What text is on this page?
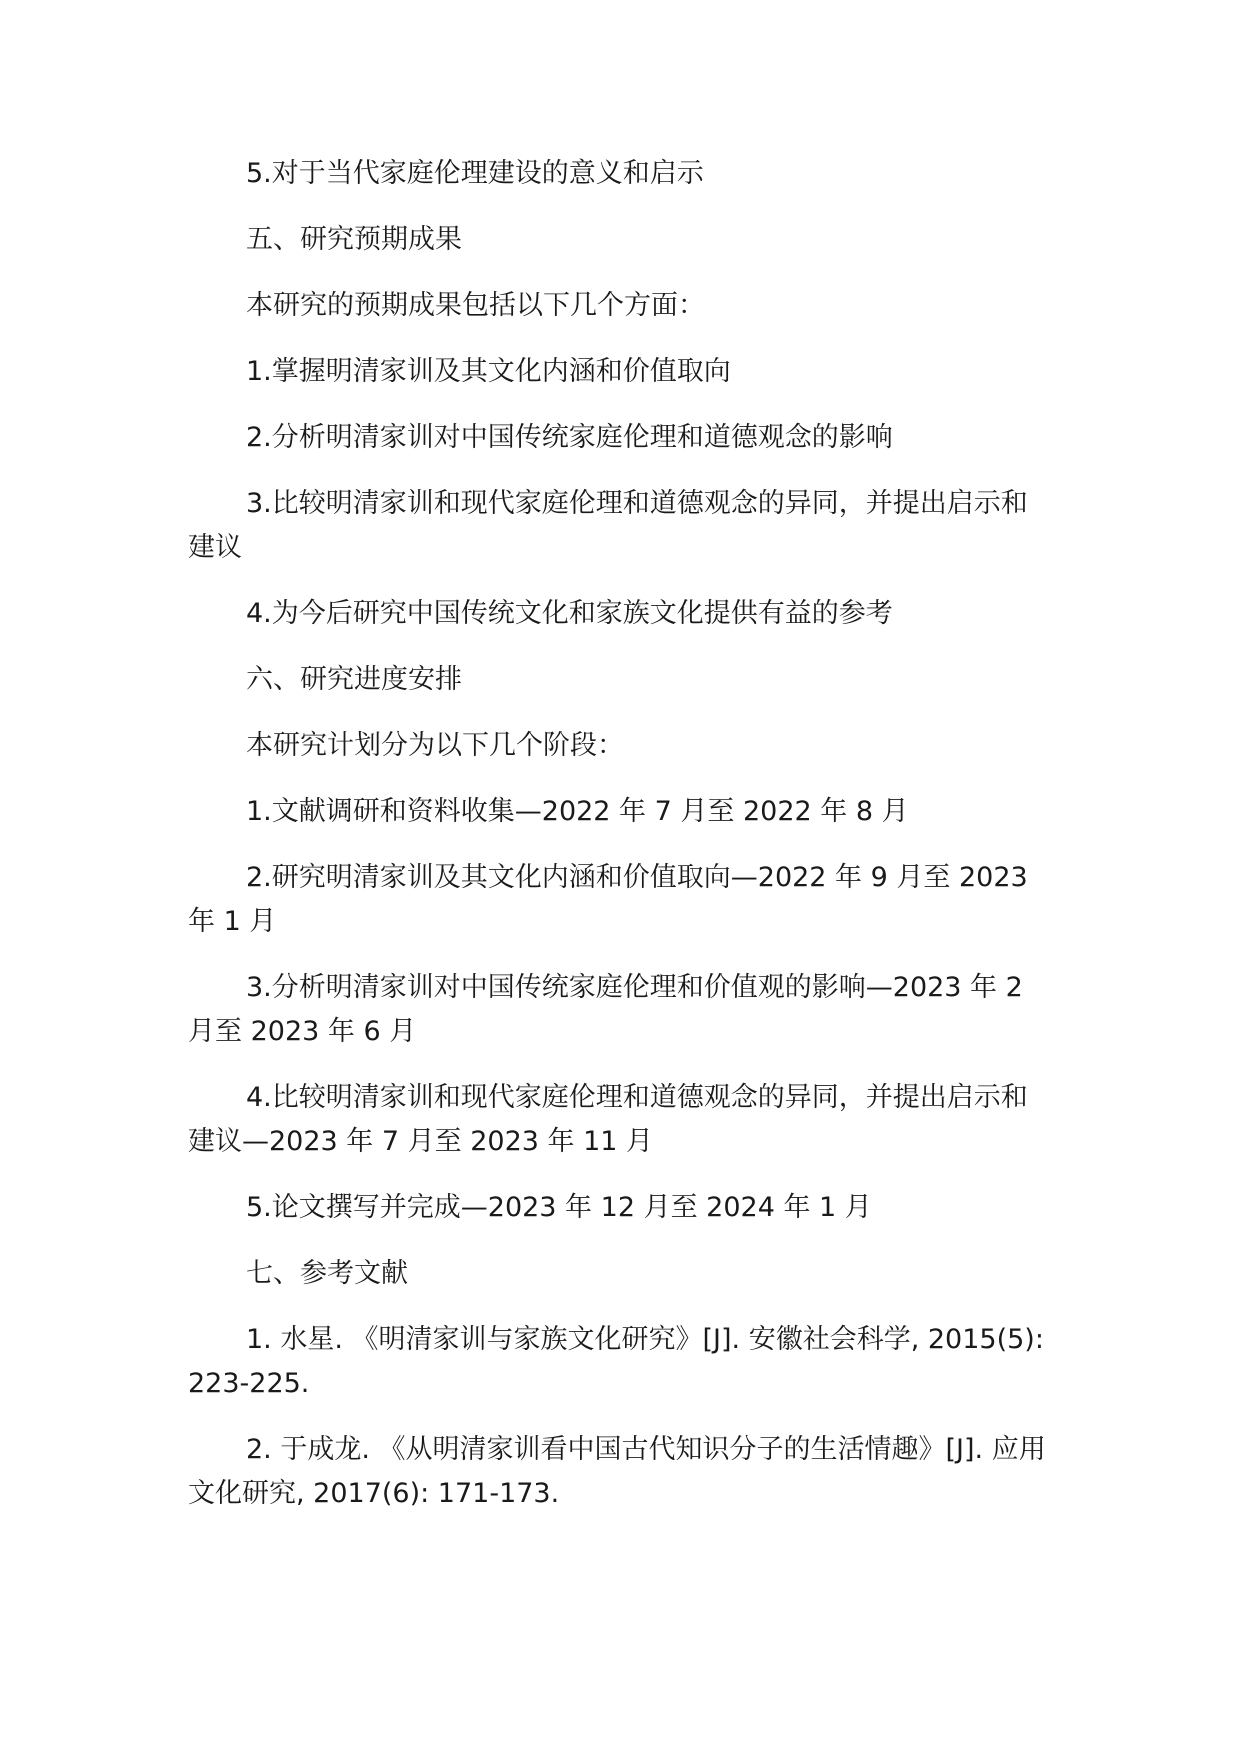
5.对于当代家庭伦理建设的意义和启示

五、研究预期成果

本研究的预期成果包括以下几个方面：

1.掌握明清家训及其文化内涵和价值取向

2.分析明清家训对中国传统家庭伦理和道德观念的影响

3.比较明清家训和现代家庭伦理和道德观念的异同，并提出启示和建议

4.为今后研究中国传统文化和家族文化提供有益的参考

六、研究进度安排

本研究计划分为以下几个阶段：

1.文献调研和资料收集—2022 年 7 月至 2022 年 8 月

2.研究明清家训及其文化内涵和价值取向—2022 年 9 月至 2023 年 1 月

3.分析明清家训对中国传统家庭伦理和价值观的影响—2023 年 2 月至 2023 年 6 月

4.比较明清家训和现代家庭伦理和道德观念的异同，并提出启示和建议—2023 年 7 月至 2023 年 11 月

5.论文撰写并完成—2023 年 12 月至 2024 年 1 月

七、参考文献

1. 水星. 《明清家训与家族文化研究》[J]. 安徽社会科学, 2015(5): 223-225.

2. 于成龙. 《从明清家训看中国古代知识分子的生活情趣》[J]. 应用文化研究, 2017(6): 171-173.
